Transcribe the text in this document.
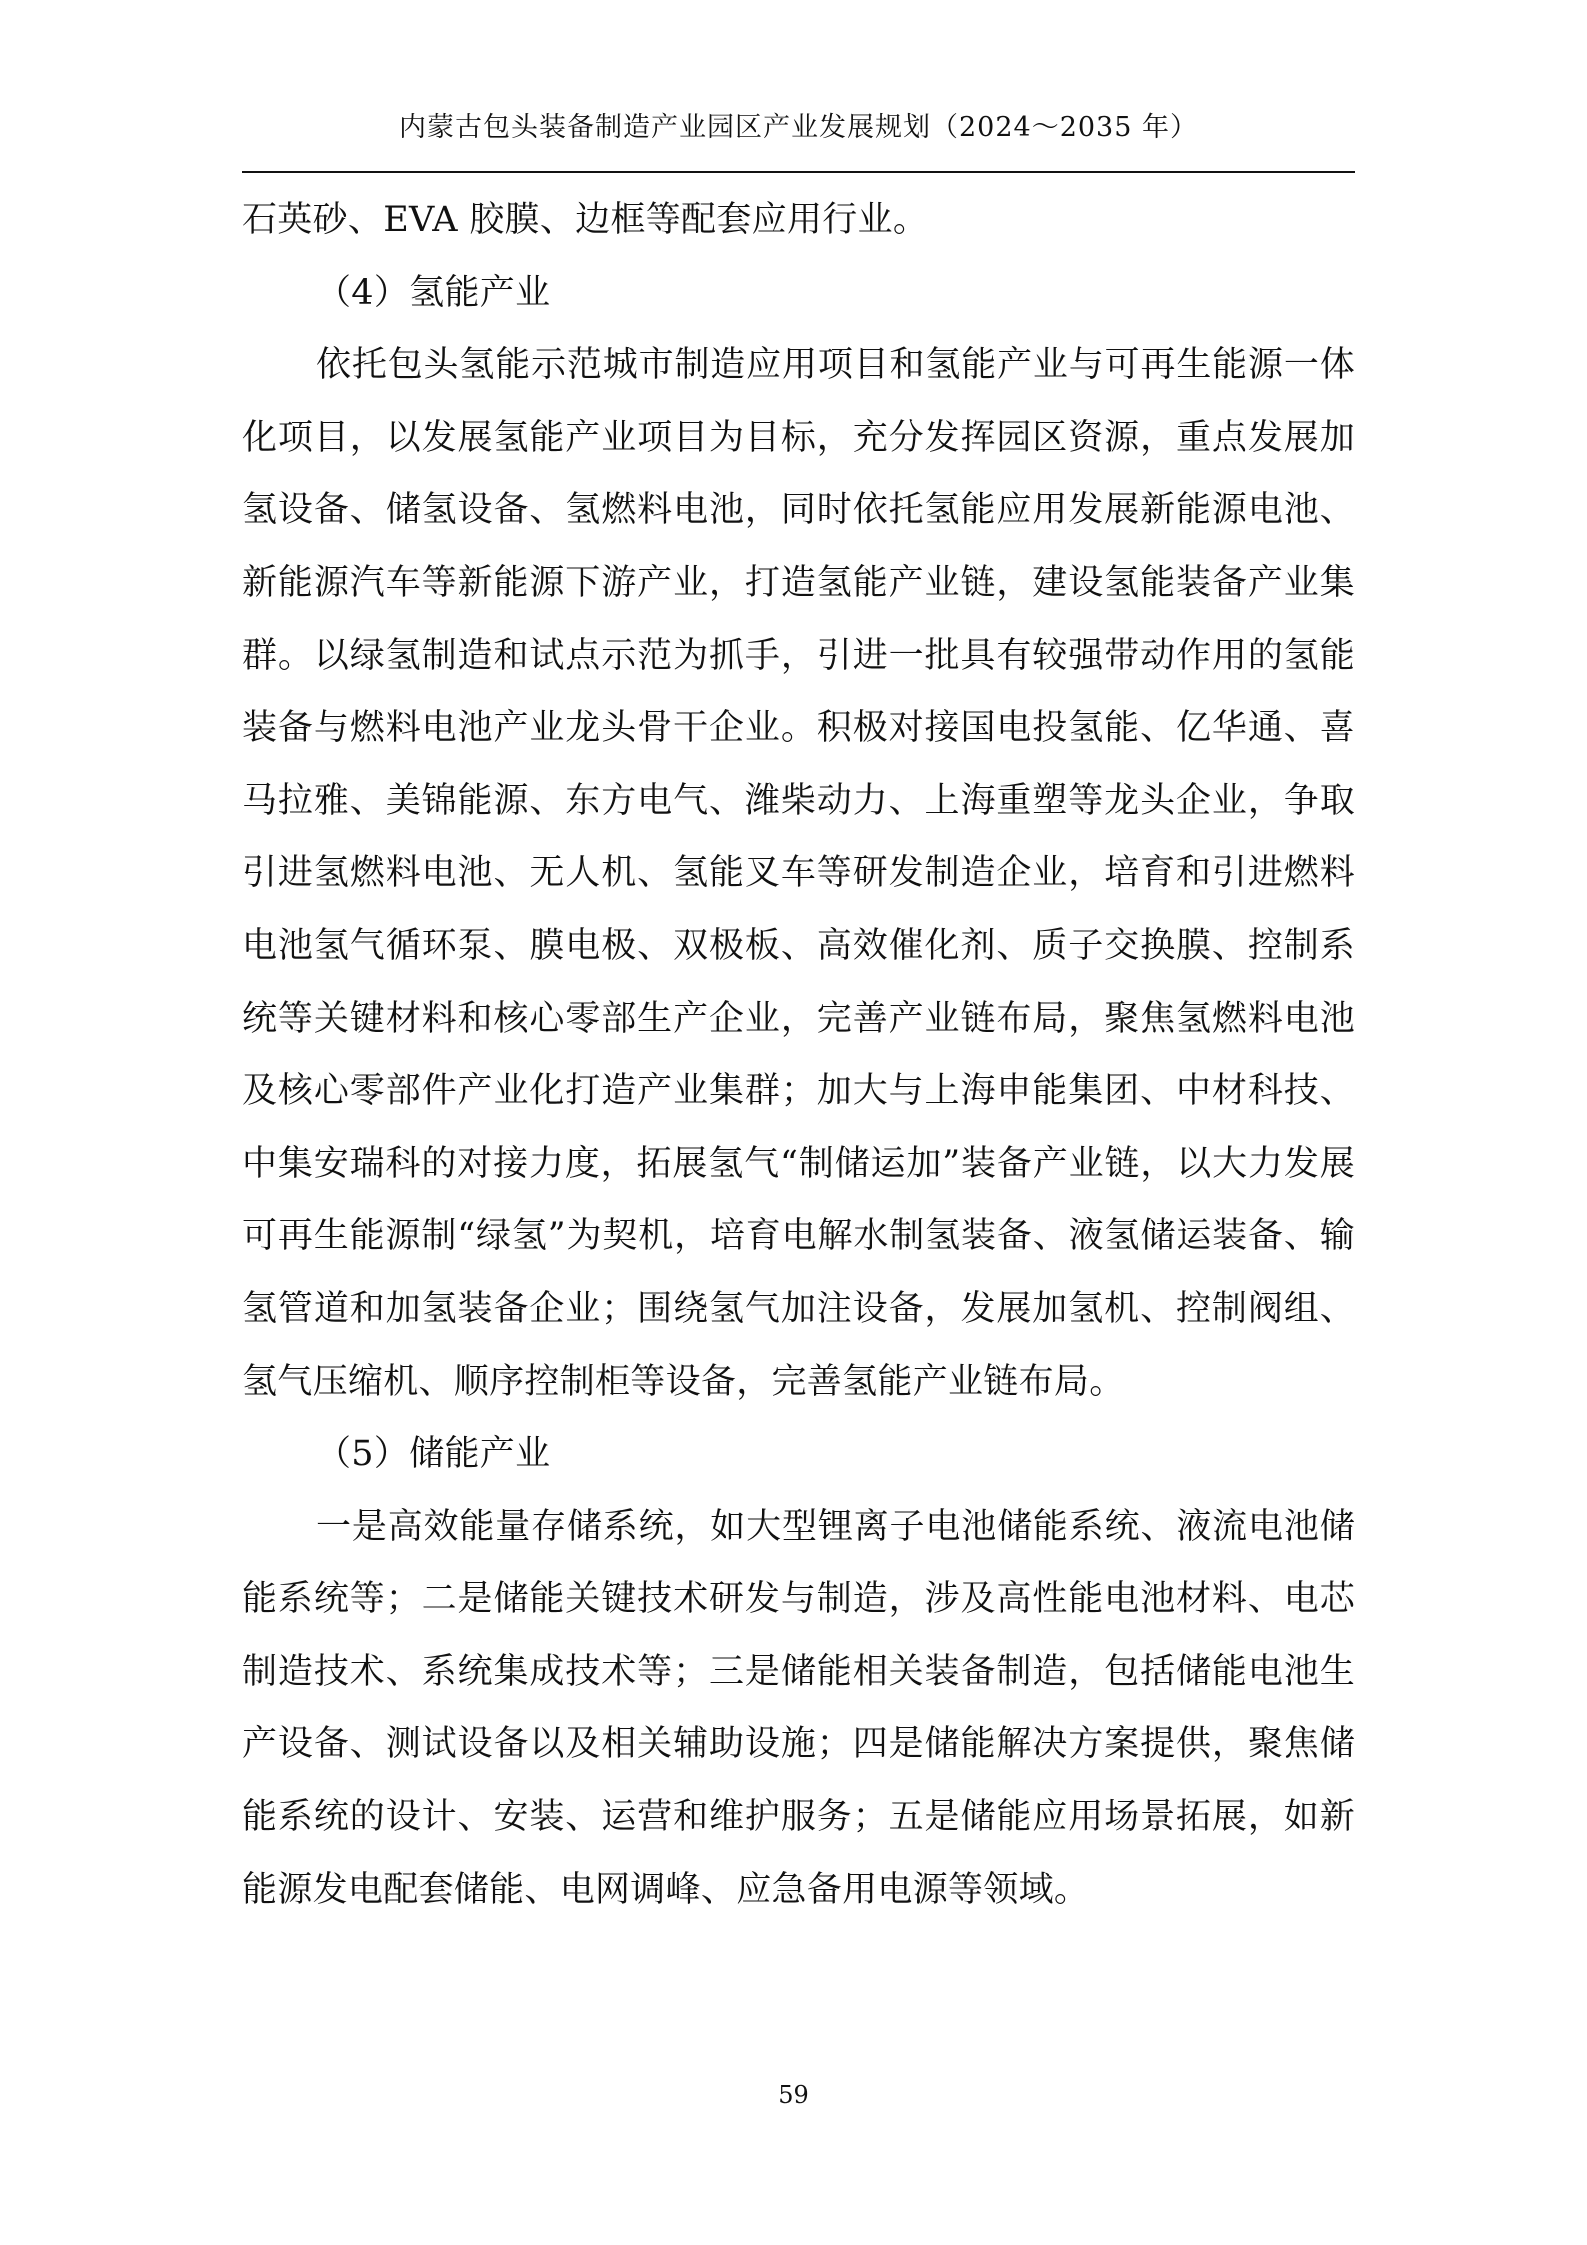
内蒙古包头装备制造产业园区产业发展规划（2024～2035 年）

石英砂、EVA 胶膜、边框等配套应用行业。

（4）氢能产业

依托包头氢能示范城市制造应用项目和氢能产业与可再生能源一体化项目，以发展氢能产业项目为目标，充分发挥园区资源，重点发展加氢设备、储氢设备、氢燃料电池，同时依托氢能应用发展新能源电池、新能源汽车等新能源下游产业，打造氢能产业链，建设氢能装备产业集群。以绿氢制造和试点示范为抓手，引进一批具有较强带动作用的氢能装备与燃料电池产业龙头骨干企业。积极对接国电投氢能、亿华通、喜马拉雅、美锦能源、东方电气、潍柴动力、上海重塑等龙头企业，争取引进氢燃料电池、无人机、氢能叉车等研发制造企业，培育和引进燃料电池氢气循环泵、膜电极、双极板、高效催化剂、质子交换膜、控制系统等关键材料和核心零部生产企业，完善产业链布局，聚焦氢燃料电池及核心零部件产业化打造产业集群；加大与上海申能集团、中材科技、中集安瑞科的对接力度，拓展氢气“制储运加”装备产业链，以大力发展可再生能源制“绿氢”为契机，培育电解水制氢装备、液氢储运装备、输氢管道和加氢装备企业；围绕氢气加注设备，发展加氢机、控制阀组、氢气压缩机、顺序控制柜等设备，完善氢能产业链布局。

（5）储能产业

一是高效能量存储系统，如大型锂离子电池储能系统、液流电池储能系统等；二是储能关键技术研发与制造，涉及高性能电池材料、电芯制造技术、系统集成技术等；三是储能相关装备制造，包括储能电池生产设备、测试设备以及相关辅助设施；四是储能解决方案提供，聚焦储能系统的设计、安装、运营和维护服务；五是储能应用场景拓展，如新能源发电配套储能、电网调峰、应急备用电源等领域。

59
